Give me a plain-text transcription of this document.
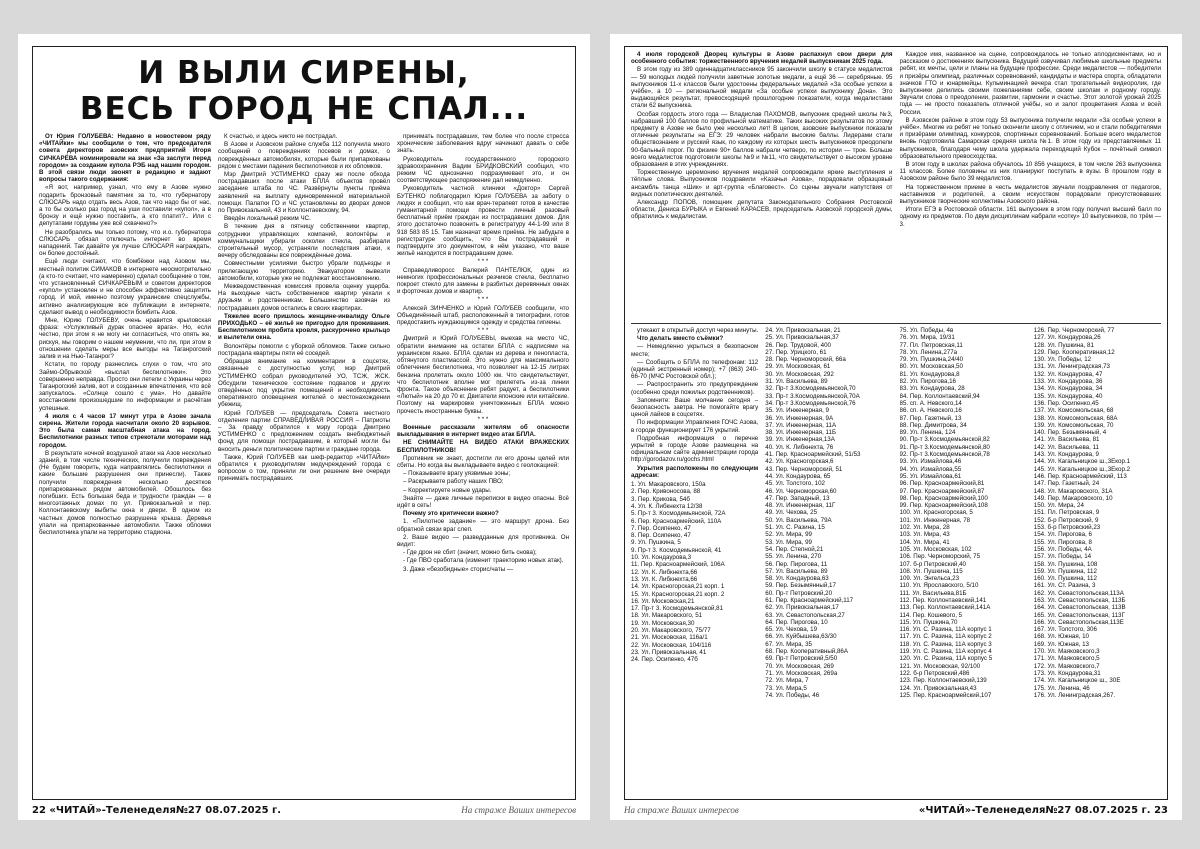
И ВЫЛИ СИРЕНЫ,
ВЕСЬ ГОРОД НЕ СПАЛ...

От Юрия ГОЛУБЕВА: Недавно в новостевом ряду «ЧИТАЙки» мы сообщили о том, что председателя совета директоров азовских предприятий Игоря СИЧКАРЁВА номинировали на знак «За заслуги перед городом» за создание купола РЭБ над нашим городом. В этой связи люди звонят в редакцию и задают вопросы такого содержания:

«Я вот, например, узнал, что ему в Азове нужно подарить бронзовый памятник за то, что губернатору СЛЮСАРЬ надо отдать весь Азов, так что надо бы от нас, а то бы сколько раз город на уши поставили «купол», а в бронзу и ещё нужно поставить, а кто платит?.. Или с депутатами гордумы уже всё схвачено?»

Не разобрались мы только потому, что и.о. губернатора СЛЮСАРЬ обязал отключать интернет во время нападений. Так давайте уж лучше СЛЮСАРЯ награждать, он более достойный.

Ещё люди считают, что бомбёжки над Азовом мы, местный политик СИМАКОВ в интернете неосмотрительно (а кто-то считает, что намеренно) сделал сообщение о том, что установленный СИЧКАРЁВЫМ и советом директоров «купол» установлен и не способен эффективно защитить город. И мой, именно поэтому украинские спецслужбы, активно анализирующие все публикации в интернете, сделают вывод о необходимости бомбить Азов.

Мне, Юрию ГОЛУБЕВУ, очень нравится крыловская фраза: «Услужливый дурак опаснее врага». Но, если честно, при этом я не могу ни согласиться, что опять же, рискуя, мы говорим о нашем неумении, что ли, при этом в отношении сделать меры все выгоды на Таганрогский залив и на Нью-Таганрог?

Кстати, по городу разнеслись слухи о том, что это Займо-Обрывской «выслал беспилотники». Это совершенно неправда. Просто они летели с Украины через Таганрогский залив, вот и созданные впечатления, что всё запускалось. «Солнце сошло с ума». Но давайте восстановим произошедшие по информации и расчётам успешные.

4 июля с 4 часов 17 минут утра в Азове зачала сирена. Жители города насчитали около 20 взрывов. Это была самая масштабная атака на город. Беспилотники разных типов стрекотали моторами над городом.

В результате ночной воздушной атаки на Азов несколько зданий, в том числе технических, получили повреждения (Не будем говорить, куда направлялись беспилотники и какие большие разрушения они принесли). Также получили повреждения несколько десятков припаркованных рядом автомобилей. Обошлось без погибших. Есть большая беда и трудности граждан — в многоэтажных домах по ул. Привокзальной и пер. Коллонтаевскому выбиты окна и двери. В одном из частных домов полностью разрушена крыша. Деревья упали на припаркованные автомобили. Также обломки беспилотника упали на территорию стадиона.

К счастью, и здесь никто не пострадал.

В Азове и Азовском районе служба 112 получила много сообщений о повреждениях посевов и домах, о повреждённых автомобилях, которые были припаркованы рядом с местами падения беспилотников и их обломков.

Мэр Дмитрий УСТИМЕНКО сразу же после обхода пострадавших после атаки БПЛА объектов провёл заседание штаба по ЧС. Развёрнуты пункты приёма заявлений на выплату единовременной материальной помощи. Палатки ГО и ЧС установлены во дворах домов по Привокзальной, 43 и Коллонтаевскому, 94.

Введён локальный режим ЧС.

В течение дня в пятницу собственники квартир, сотрудники управляющих компаний, волонтёры и коммунальщики убирали осколки стекла, разбирали строительный мусор, устраняли последствия атаки, к вечеру обследованы все повреждённые дома.

Совместными усилиями быстро убрали подъезды и прилегающую территорию. Эвакуатором вывезли автомобили, которые уже не подлежат восстановлению.

Межведомственная комиссия провела оценку ущерба. На выходные часть собственников квартир уехали к друзьям и родственникам. Большинство азовчан из пострадавших домов остались в своих квартирах.

Тяжелее всего пришлось женщине-инвалиду Ольге ПРИХОДЬКО – её жильё не пригодно для проживания. Беспилотником пробита кровля, раскурочено крыльцо и вылетели окна.

Волонтёры помогли с уборкой обломков. Также сильно пострадала квартиры пяти её соседей.

Обращая внимание на комментарии в соцсетях, связанные с доступностью услуг, мэр Дмитрий УСТИМЕНКО собрал руководителей УО, ТСЖ, ЖСК. Обсудили техническое состояние подвалов и других отведённых под укрытие помещений и необходимость оперативного оповещения жителей о местонахождении убежищ.

Юрий ГОЛУБЕВ — председатель Совета местного отделения партии СПРАВЕДЛИВАЯ РОССИЯ – Патриоты – За правду обратился к мэру города Дмитрию УСТИМЕНКО с предложением создать внебюджетный фонд для помощи пострадавшим, в который могли бы вносить деньги политические партии и граждане города.

Также, Юрий ГОЛУБЕВ как шеф-редактор «ЧИТАЙки» обратился к руководителям медучреждений города с вопросом о том, приняли ли они решение вне очереди принимать пострадавших.

принимать пострадавших, тем более что после стресса хронические заболевания вдруг начинают давать о себе знать.

Руководитель государственного городского здравоохранения Вадим БРИДКОВСКИЙ сообщил, что режим ЧС однозначно подразумевает это, и он соответствующее распоряжение дал немедленно.

Руководитель частной клиники «Доктор» Сергей БУТЕНКО поблагодарил Юрия ГОЛУБЕВА за заботу о людях и сообщил, что как врач-терапевт готов в качестве гуманитарной помощи провести личный разовый бесплатный приём граждан из пострадавших домов. Для этого достаточно позвонить в регистратуру 44-1-99 или 8 918 583 85 15. Там назначат время приёма. Не забудьте в регистратуре сообщить, что Вы пострадавший и подтвердите это документом, в нём указано, что ваше жильё находится в пострадавшем доме.

* * *

Справедливоросс Валерий ПАНТЕЛЮК, один из немногих профессиональных резчиков стекла, бесплатно покроет стекло для замены в разбитых деревянных окнах и форточках домов и квартир.

* * *

Алексей ЗИНЧЕНКО и Юрий ГОЛУБЕВ сообщили, что Объединённый штаб, расположенный в типографии, готов предоставить нуждающимся одежду и средства гигиены.

* * *

Дмитрий и Юрий ГОЛУБЕВЫ, выехав на место ЧС, обратили внимание на остатки БПЛА с надписями на украинском языке. БПЛА сделан из дерева и пенопласта, обтянутого пластмассой. Это нужно для максимального облегчения беспилотника, что позволяет на 12-15 литрах бензина пролетать около 1000 км. Что свидетельствует, что беспилотник вполне мог прилететь из-за линии фронта. Такое объяснение ребят радует, а беспилотники «Лютый» на 20 до 70 кг. Двигатели японские или китайские. Поэтому на маркировке уничтоженных БПЛА можно прочесть иностранные буквы.

* * *

Военные рассказали жителям об опасности выкладывания в интернет видео атак БПЛА.

НЕ СНИМАЙТЕ НА ВИДЕО АТАКИ ВРАЖЕСКИХ БЕСПИЛОТНИКОВ!

Противник не знает, достигли ли его дроны целей или сбиты. Но когда вы выкладываете видео с геолокацией:

– Показываете врагу уязвимые зоны;

– Раскрываете работу наших ПВО;

– Корректируете новые удары.

Знайте — даже личные переписки в видео опасны. Всё идёт в сеть!

Почему это критически важно?

1. «Пилотное задание» — это маршрут дрона. Без обратной связи враг слеп.

2. Ваше видео — разведданные для противника. Он видит:

- Где дрон не сбит (значит, можно бить снова);

- Где ПВО сработала (изменит траекторию новых атак).

3. Даже «безобидные» сторис/чаты —

22 «ЧИТАЙ»-Теленеделя№27 08.07.2025 г.	На страже Ваших интересов

4 июля городской Дворец культуры в Азове распахнул свои двери для особенного события: торжественного вручения медалей выпускникам 2025 года.

В этом году из 389 одиннадцатиклассников 95 закончили школу в статусе медалистов — 59 молодых людей получили заветные золотые медали, а ещё 36 — серебряные. 95 выпускников 11-х классов были удостоены федеральных медалей «За особые успехи в учёбе», а 10 — региональной медали «За особые успехи выпускнику Дона». Это выдающийся результат, превосходящий прошлогодние показатели, когда медалистами стали 62 выпускника.

Особая гордость этого года — Владислав ПАХОМОВ, выпускник средней школы №3, набравший 100 баллов по профильной математике. Таких высоких результатов по этому предмету в Азове не было уже несколько лет! В целом, азовские выпускники показали отличные результаты на ЕГЭ: 29 человек набрали высокие баллы. Лидерами стали обществознание и русский язык, по каждому из которых шесть выпускников преодолели 90-бальный порог. По физике 90+ баллов набрали четверо, по истории — трое. Больше всего медалистов подготовили школы №9 и №11, что свидетельствует о высоком уровне образования в этих учреждениях.

Торжественную церемонию вручения медалей сопровождали яркие выступления и тёплые слова. Выпускников поздравили «Казачьи Азова», порадовали образцовый ансамбль танца «Шик» и арт-группа «Благовест». Со сцены звучали напутствия от видных политических деятелей.

Александр ПОПОВ, помощник депутата Законодательного Собрания Ростовской области, Дениса БУРЫКА и Евгений КАРАСЕВ, председатель Азовской городской думы, обратились к медалистам.

Каждое имя, названное на сцене, сопровождалось не только аплодисментами, но и рассказом о достижениях выпускника. Ведущий озвучивал любимые школьные предметы ребят, их мечты, цели и планы на будущие профессии. Среди медалистов — победители и призёры олимпиад, различных соревнований, кандидаты и мастера спорта, обладатели значков ГТО и юнармейцы. Кульминацией вечера стал трогательный видеоролик, где выпускники делились своими пожеланиями себе, своим школам и родному городу. Звучали слова о преодолении, развитии, гармонии и счастье. Этот золотой урожай 2025 года — не просто показатель отличной учёбы, но и залог процветания Азова и всей России.

В Азовском районе в этом году 53 выпускника получили медали «За особые успехи в учёбе». Многие из ребят не только окончили школу с отличием, но и стали победителями и призёрами олимпиад, конкурсов, спортивных соревнований. Больше всего медалистов вновь подготовила Самарская средняя школа №1. В этом году из представляемых 11 выпускников, благодаря чему школа удержала переходящий Кубок – почётный символ образовательного превосходства.

В этом году в школах района обучалось 10 856 учащихся, в том числе 263 выпускника 11 классов. Более половины из них планируют поступать в вузы. В прошлом году в Азовском районе было 39 медалистов.

На торжественном приеме в честь медалистов звучали поздравления от педагогов, наставников и родителей, а своим искусством порадовали присутствовавших выпускников творческие коллективы Азовского района.

Итоги ЕГЭ в Ростовской области. 161 выпускник в этом году получил высший балл по одному из предметов. По двум дисциплинам набрали «сотку» 10 выпускников, по трём — 3.

утекают в открытый доступ через минуты.

Что делать вместо съёмки?

— Немедленно укрыться в безопасном месте;

— Сообщить о БПЛА по телефонам: 112 (единый экстренный номер); +7 (863) 240-66-70 (МЧС Ростовской обл.);

— Распространить это предупреждение (особенно среди пожилых родственников).

Запомните: Ваше молчание сегодня – безопасность завтра. Не помогайте врагу ценой лайков в соцсетях.

По информации Управления ГОЧС Азова, в городе функционирует 176 укрытий.

Подробная информация о перечне укрытий в городе Азове размещена на официальном сайте администрации города http://gorodazov.ru/gochs.html

Укрытия расположены по следующим адресам:

1. Ул. Макаровского, 150а
2. Пер. Кривоносова, 88
3. Пер. Крикова, 54б
4. Ул. К. Либкнехта 12/38
5. Пр-т 3. Космодемьянской, 72А
6. Пер. Красноармейский, 110А
7. Пер. Осипенко, 47
8. Пер. Осипенко, 47
9. Ул. Пушкина, 5
9. Пр-т 3. Космодемьянской, 41
10. Ул. Кондаурова,3
11. Пер. Красноармейский, 106А
12. Ул. К. Либкнехта,66
13. Ул. К. Либкнехта,66
14. Ул. Красногорская,21 корп. 1
15. Ул. Красногорская,21 корп. 2
16. Ул. Московская,21
17. Пр-т 3. Космодемьянской,81
18. Ул. Макаровского, 51
19. Ул. Московская,30
20. Ул. Макаровского, 75/77
21. Ул. Московская, 116а/1
22. Ул. Московская, 104/116
23. Ул. Привокзальная, 41
24. Пер. Осипенко, 47б
24. Ул. Привокзальная, 21
25. Ул. Привокзальная,37
26. Пер. Трудовой, 400
27. Пер. Урицкого, 61
28. Пер. Черноморский, 66а
29. Ул. Московская, 61
30. Ул. Московская, 292
31. Ул. Васильева, 89
32. Пр-т 3.Космодемьянской,70
33. Пр-т 3.Космодемьянской,70А
34. Пр-т 3.Космодемьянской,76
35. Ул. Инженерная, 9
36. Ул. Инженерная, 9А
37. Ул. Инженерная, 11А
38. Ул. Инженерная, 11Б
39. Ул. Инженерная,13А
40. Ул. К. Либкнехта, 76
41. Пер. Красноармейский, 51/53
42. Ул. Красногорская,6
43. Пер. Черноморский, 51
44. Ул. Кондаурова, 65
45. Ул. Толстого, 102
46. Ул. Черноморская,60
47. Пер. Западный, 13
48. Ул. Инженерная, 11Г
49. Ул. Чехова, 25
50. Ул. Васильева, 79А
51. Ул. С. Разина, 15
52. Ул. Мира, 99
53. Ул. Мира, 99
54. Пер. Степной,21
55. Ул. Ленина, 270
56. Пер. Пирогова, 11
57. Ул. Васильева, 89
58. Ул. Кондаурова,63
59. Пер. Безымянный,17
60. Пр-т Петровский,20
61. Пер. Красноармейский,117
62. Ул. Привокзальная,17
63. Ул. Севастопольская,27
64. Пер. Пирогова, 10
65. Ул. Чехова, 19
66. Ул. Куйбышева,63/30
67. Ул. Мира, 35
68. Пер. Кооперативный,86А
69. Пр-т Петровский,5/50
70. Ул. Московская, 269
71. Ул. Московская, 269а
72. Ул. Мира, 7
73. Ул. Мира,5
74. Ул. Победы, 46
75. Ул. Победы, 4в
76. Ул. Мира, 19/31
77. Пл. Петровская,11
78. Ул. Ленина,277а
79. Ул. Пушкина,24/40
80. Ул. Московская,50
81. Ул. Кондаурова,8
82. Ул. Пирогова,16
83. Ул. Кондаурова, 28
84. Пер. Коллонтаевский,94
85. сп. А. Невского,14
86. сп. А. Невского,16
87. Пер. Газетный, 13
88. Пер. Димитрова, 34
89. Ул. Ленина, 124
90. Пр-т 3.Космодемьянской,82
91. Пр-т 3.Космодемьянской,80
92. Пр-т 3.Космодемьянской,78
93. Ул. Измайлова,46
94. Ул. Измайлова,55
95. Ул. Измайлова,61
96. Пер. Красноармейский,81
97. Пер. Красноармейский,87
98. Пер. Красноармейский,100
99. Пер. Красноармейский,108
100. Ул. Красногорская, 5
101. Ул. Инженерная, 78
102. Ул. Мира, 28
103. Ул. Мира, 43
104. Ул. Мира, 41
105. Ул. Московская, 102
106. Пер. Черноморский, 75
107. б-р Петровский,40
108. Ул. Пушкина, 115
109. Ул. Энгельса,23
110. Ул. Ярославского, 5/10
111. Ул. Васильева,81Б
112. Пер. Коллонтаевский,141
113. Пер. Коллонтаевский,141А
114. Пер. Кошевого, 5
115. Ул. Пушкина,70
116. Ул. С. Разина, 11А корпус 1
117. Ул. С. Разина, 11А корпус 2
118. Ул. С. Разина, 11А корпус 3
119. Ул. С. Разина, 11А корпус 4
120. Ул. С. Разина, 11А корпус 5
121. Ул. Московская, 92/100
122. б-р Петровский,486
123. Пер. Коллонтаевский,139
124. Ул. Привокзальная,43
125. Пер. Красноармейский,107
126. Пер. Черноморский, 77
127. Ул. Кондаурова,26
128. Ул. Пушкина, 81
129. Пер. Кооперативная,12
130. Ул. Победы, 12
131. Ул. Ленинградская,73
132. Ул. Кондаурова, 47
133. Ул. Кондаурова, 36
134. Ул. Кондаурова, 34
135. Ул. Кондаурова, 40
136. Пер. Осипенко,45
137. Ул. Комсомольская, 68
138. Ул. Комсомольская, 68А
139. Ул. Комсомольская, 70
140. Пер. Безымянный, 4
141. Ул. Васильева, 81
142. Ул. Васильева, 11
143. Ул. Кондаурова, 9
144. Ул. Кагальницкое ш.,3Екор.1
145. Ул. Кагальницкое ш.,3Екор.2
146. Пер. Красноармейский, 113
147. Пер. Газетный, 24
148. Ул. Макаровского, 31А
149. Пер. Макаровского, 10
150. Ул. Мира, 24
151. Пл. Петровская, 9
152. б-р Петровский, 9
153. б-р Петровский,23
154. Ул. Пирогова, 6
155. Ул. Пирогова, 8
156. Ул. Победы, 4А
157. Ул. Победы, 14
158. Ул. Пушкина, 108
159. Ул. Пушкина, 112
160. Ул. Пушкина, 112
161. Ул. Ст. Разина, 3
162. Ул. Севастопольская,113А
163. Ул. Севастопольская, 113Б
164. Ул. Севастопольская, 113В
165. Ул. Севастопольская, 113Г
166. Ул. Севастопольская,113Е
167. Ул. Толстого, 306
168. Ул. Южная, 10
169. Ул. Южная, 13
170. Ул. Маяковского,3
171. Ул. Маяковского,5
172. Ул. Маяковского,7
173. Ул. Кондаурова,31
174. Ул. Кагальницкое ш., 30Е
175. Ул. Ленина, 46
176. Ул. Ленинградская,267.
На страже Ваших интересов	«ЧИТАЙ»-Теленеделя№27 08.07.2025 г. 23
